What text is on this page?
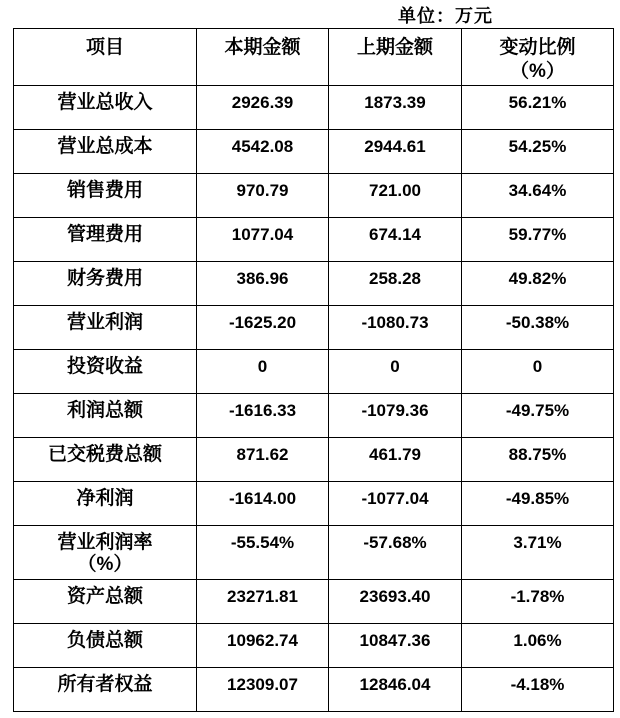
单位：万元
项目	本期金额	上期金额	变动比例（%）
营业总收入	2926.39	1873.39	56.21%
营业总成本	4542.08	2944.61	54.25%
销售费用	970.79	721.00	34.64%
管理费用	1077.04	674.14	59.77%
财务费用	386.96	258.28	49.82%
营业利润	-1625.20	-1080.73	-50.38%
投资收益	0	0	0
利润总额	-1616.33	-1079.36	-49.75%
已交税费总额	871.62	461.79	88.75%
净利润	-1614.00	-1077.04	-49.85%
营业利润率（%）	-55.54%	-57.68%	3.71%
资产总额	23271.81	23693.40	-1.78%
负债总额	10962.74	10847.36	1.06%
所有者权益	12309.07	12846.04	-4.18%
